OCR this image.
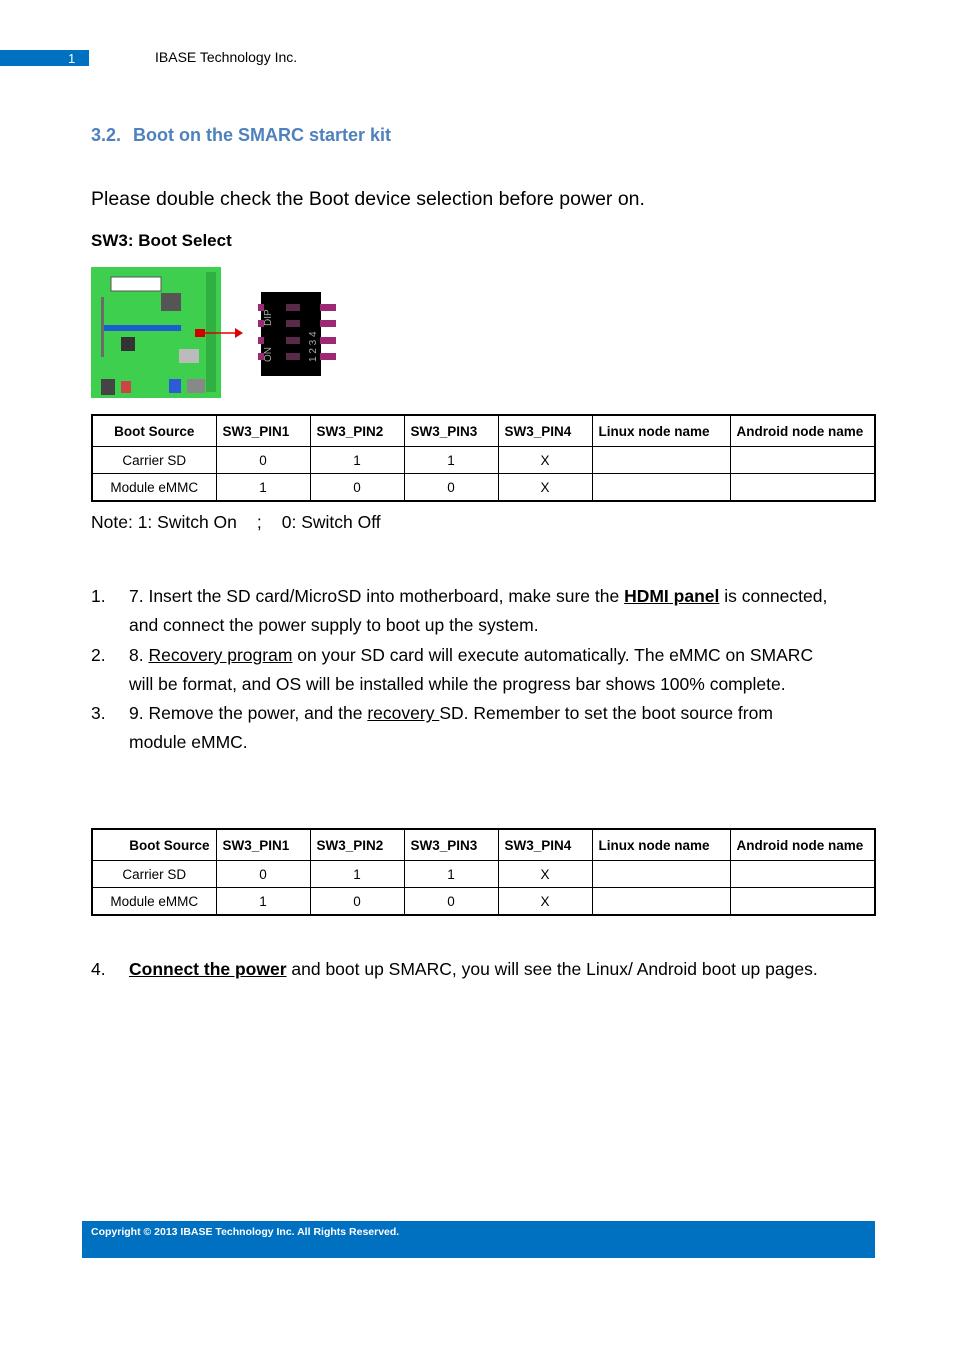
1	IBASE Technology Inc.
3.2. Boot on the SMARC starter kit
Please double check the Boot device selection before power on.
SW3: Boot Select
DIP
ON	1 2 3 4
Boot Source	SW3_PIN1	SW3_PIN2	SW3_PIN3	SW3_PIN4	Linux node name	Android node name
Carrier SD	0	1	1	X		
Module eMMC	1	0	0	X		
Note: 1: Switch On ; 0: Switch Off
1. 7. Insert the SD card/MicroSD into motherboard, make sure the HDMI panel is connected, and connect the power supply to boot up the system.
2. 8. Recovery program on your SD card will execute automatically. The eMMC on SMARC will be format, and OS will be installed while the progress bar shows 100% complete.
3. 9. Remove the power, and the recovery SD. Remember to set the boot source from module eMMC.
Boot Source	SW3_PIN1	SW3_PIN2	SW3_PIN3	SW3_PIN4	Linux node name	Android node name
Carrier SD	0	1	1	X		
Module eMMC	1	0	0	X		
4. Connect the power and boot up SMARC, you will see the Linux/ Android boot up pages.
Copyright © 2013 IBASE Technology Inc. All Rights Reserved.
